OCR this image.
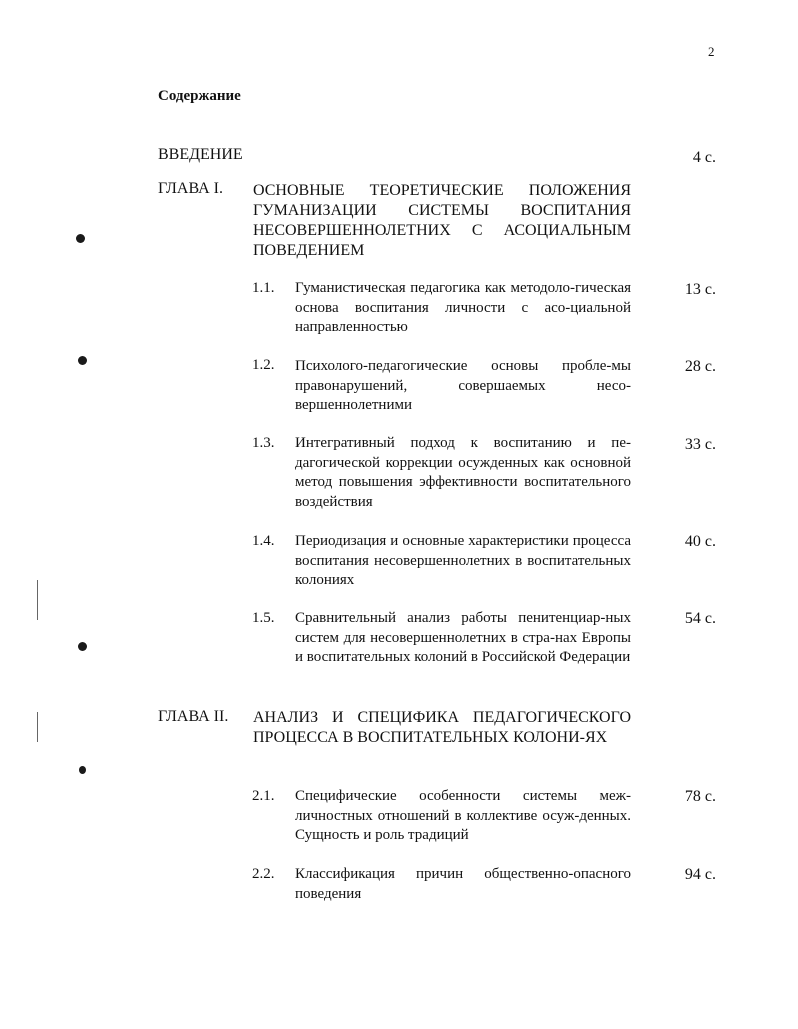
2
Содержание
ВВЕДЕНИЕ	4 с.
ГЛАВА I. ОСНОВНЫЕ ТЕОРЕТИЧЕСКИЕ ПОЛОЖЕНИЯ ГУМАНИЗАЦИИ СИСТЕМЫ ВОСПИТАНИЯ НЕСОВЕРШЕННОЛЕТНИХ С АСОЦИАЛЬНЫМ ПОВЕДЕНИЕМ

1.1. Гуманистическая педагогика как методоло-гическая основа воспитания личности с асо-циальной направленностью

13 с.
1.2. Психолого-педагогические основы пробле-мы правонарушений, совершаемых несо-вершеннолетними

28 с.
1.3. Интегративный подход к воспитанию и пе-дагогической коррекции осужденных как основной метод повышения эффективности воспитательного воздействия

33 с.
1.4. Периодизация и основные характеристики процесса воспитания несовершеннолетних в воспитательных колониях

40 с.
1.5. Сравнительный анализ работы пенитенциар-ных систем для несовершеннолетних в стра-нах Европы и воспитательных колоний в Российской Федерации

54 с.
ГЛАВА II. АНАЛИЗ И СПЕЦИФИКА ПЕДАГОГИЧЕСКОГО ПРОЦЕССА В ВОСПИТАТЕЛЬНЫХ КОЛОНИ-ЯХ

2.1. Специфические особенности системы меж-личностных отношений в коллективе осуж-денных. Сущность и роль традиций

78 с.
2.2. Классификация причин общественно-опасного поведения

94 с.
